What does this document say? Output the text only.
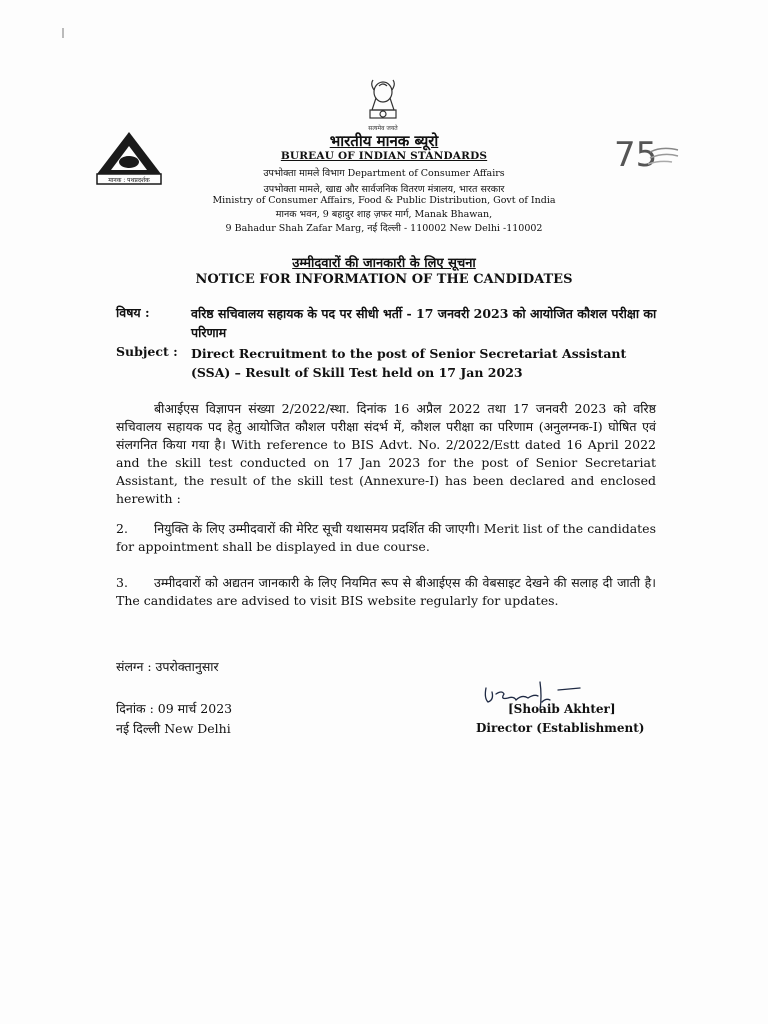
सत्यमेव जयते
मानक : पथप्रदर्शक
75
भारतीय मानक ब्यूरो
BUREAU OF INDIAN STANDARDS
उपभोक्ता मामले विभाग Department of Consumer Affairs
उपभोक्ता मामले, खाद्य और सार्वजनिक वितरण मंत्रालय, भारत सरकार
Ministry of Consumer Affairs, Food & Public Distribution, Govt of India
मानक भवन, 9 बहादुर शाह ज़फर मार्ग, Manak Bhawan,
9 Bahadur Shah Zafar Marg, नई दिल्ली - 110002 New Delhi -110002
उम्मीदवारों की जानकारी के लिए सूचना
NOTICE FOR INFORMATION OF THE CANDIDATES
विषय :	वरिष्ठ सचिवालय सहायक के पद पर सीधी भर्ती - 17 जनवरी 2023 को आयोजित कौशल परीक्षा का परिणाम
Subject : Direct Recruitment to the post of Senior Secretariat Assistant (SSA) – Result of Skill Test held on 17 Jan 2023
बीआईएस विज्ञापन संख्या 2/2022/स्था. दिनांक 16 अप्रैल 2022 तथा 17 जनवरी 2023 को वरिष्ठ सचिवालय सहायक पद हेतु आयोजित कौशल परीक्षा संदर्भ में, कौशल परीक्षा का परिणाम (अनुलग्नक-I) घोषित एवं संलगनित किया गया है। With reference to BIS Advt. No. 2/2022/Estt dated 16 April 2022 and the skill test conducted on 17 Jan 2023 for the post of Senior Secretariat Assistant, the result of the skill test (Annexure-I) has been declared and enclosed herewith :
2. नियुक्ति के लिए उम्मीदवारों की मेरिट सूची यथासमय प्रदर्शित की जाएगी। Merit list of the candidates for appointment shall be displayed in due course.
3. उम्मीदवारों को अद्यतन जानकारी के लिए नियमित रूप से बीआईएस की वेबसाइट देखने की सलाह दी जाती है। The candidates are advised to visit BIS website regularly for updates.
संलग्न : उपरोक्तानुसार
दिनांक : 09 मार्च 2023
नई दिल्ली New Delhi
[Shoaib Akhter]
Director (Establishment)
